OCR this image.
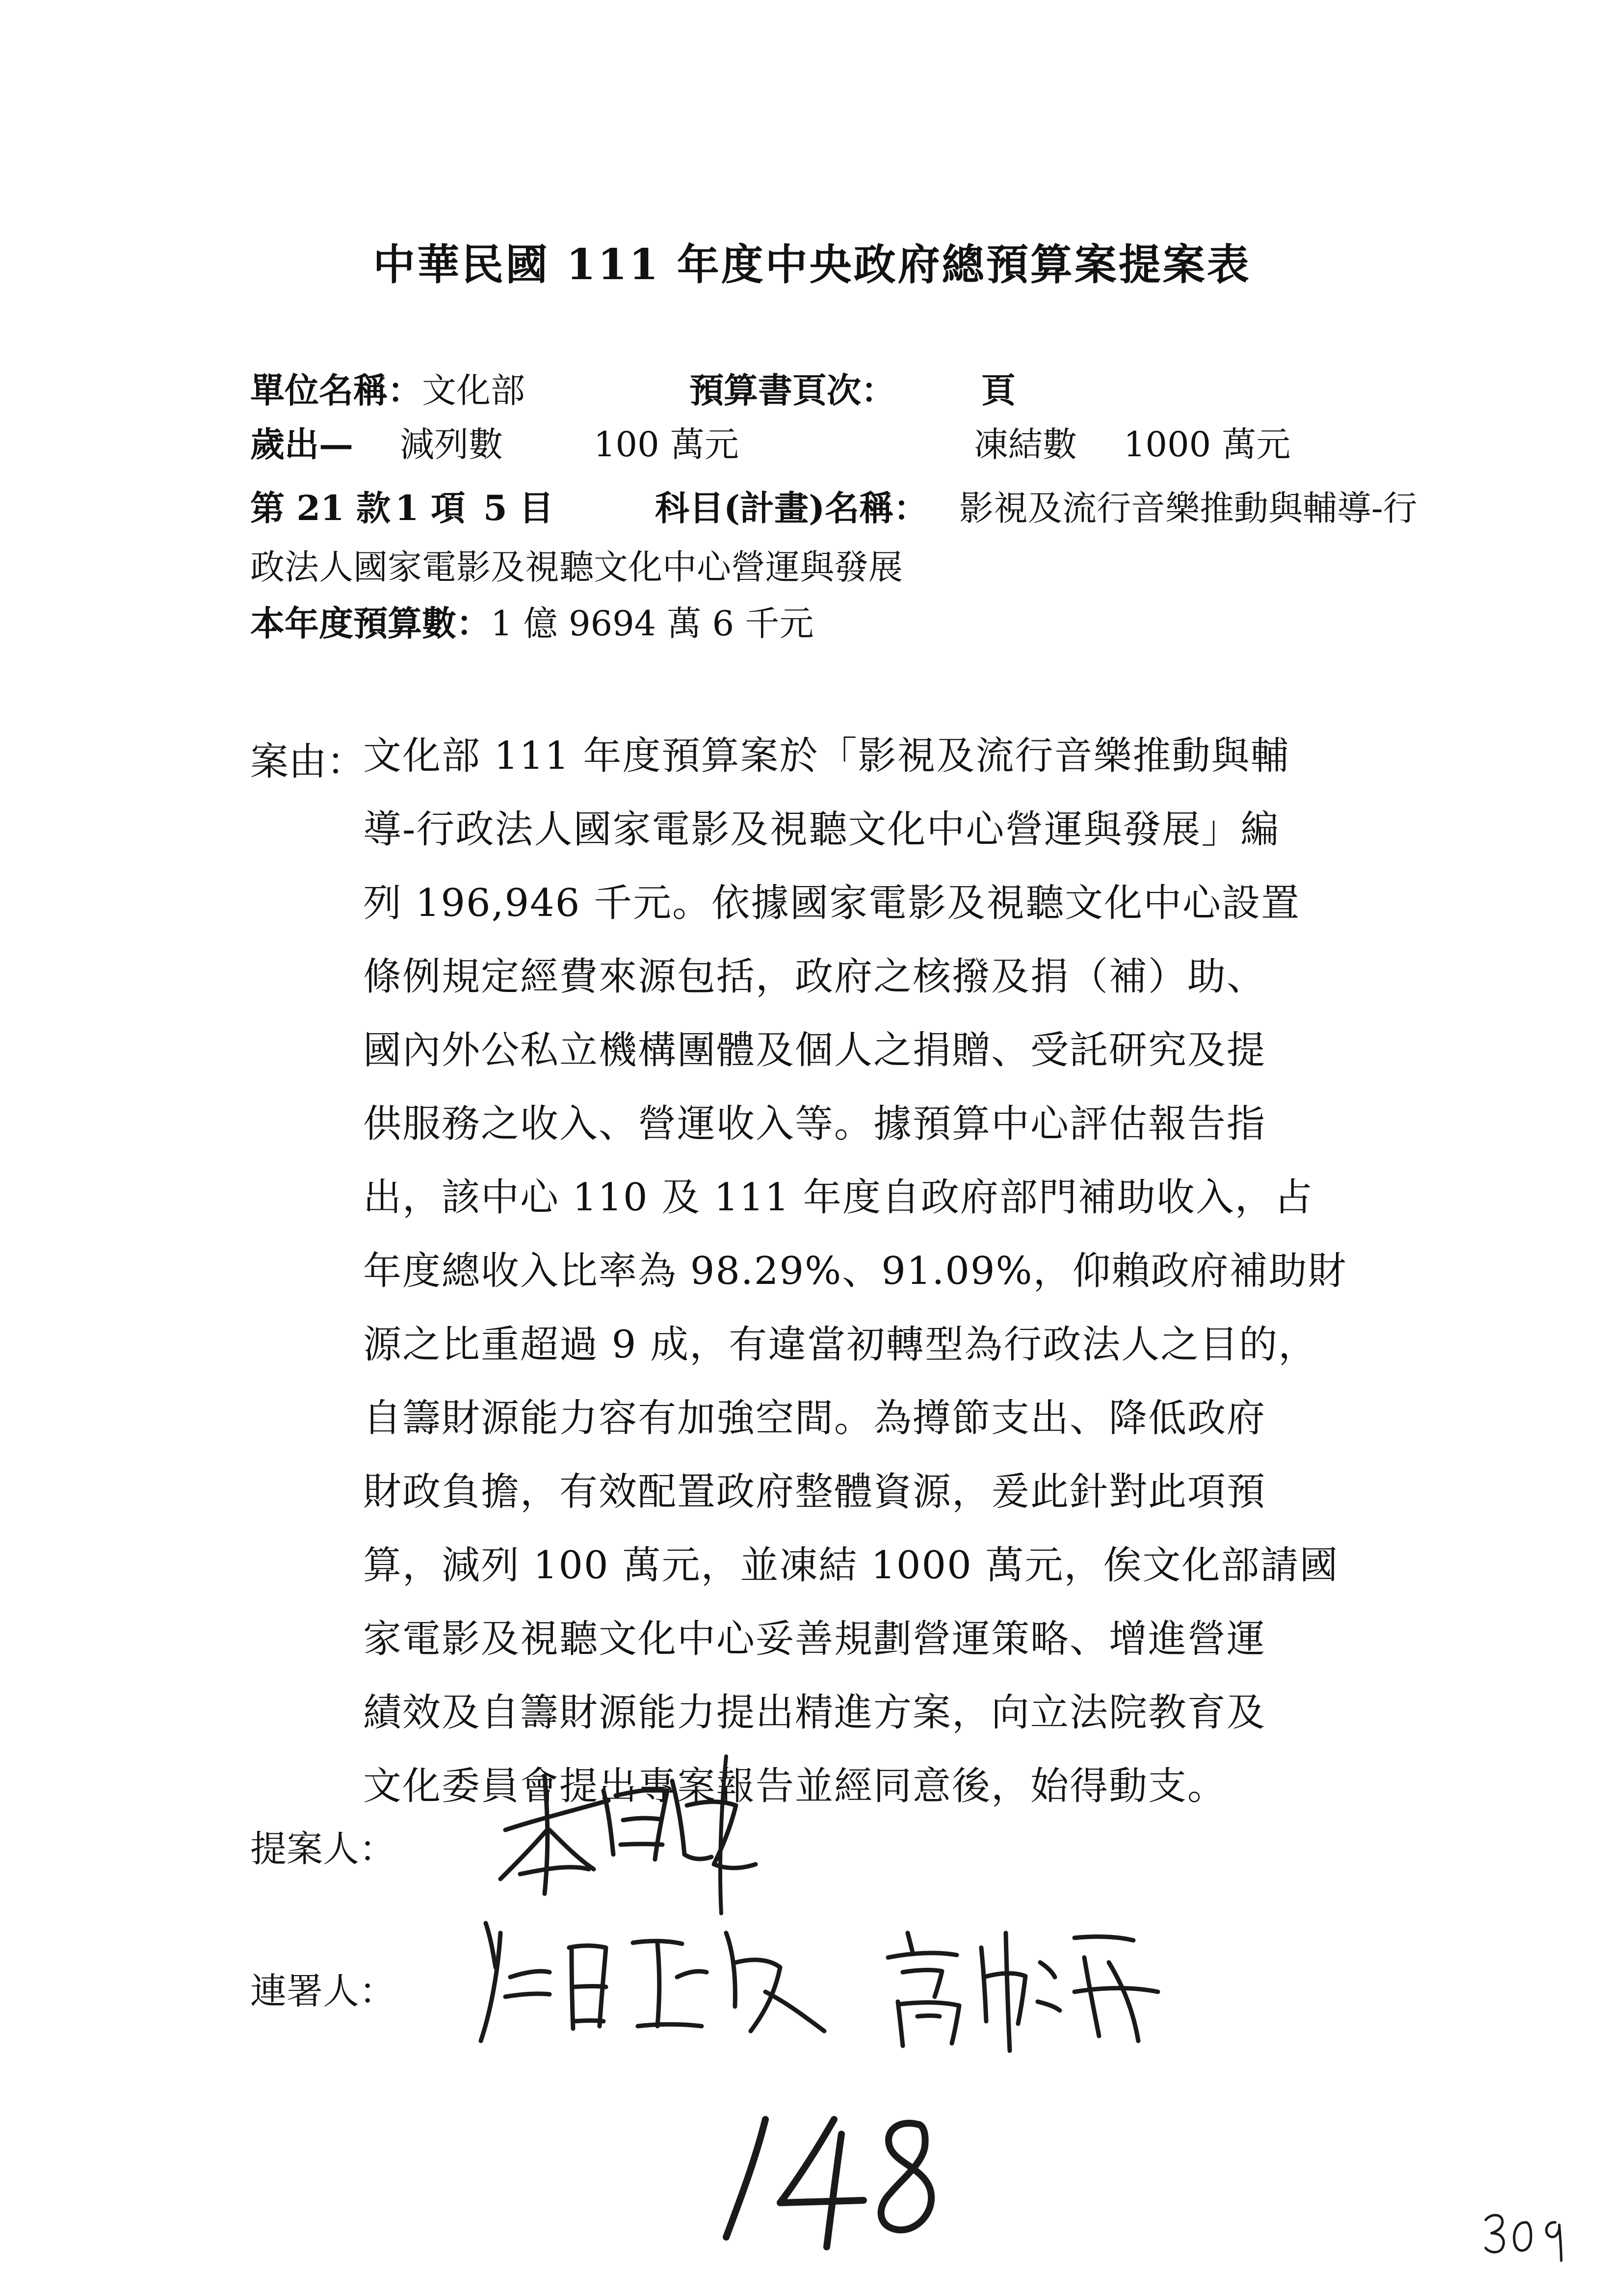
中華民國 111 年度中央政府總預算案提案表
單位名稱：文化部	預算書頁次：	頁
歲出— 減列數	100 萬元	凍結數 1000 萬元
第 21 款 1 項 5 目	科目(計畫)名稱： 影視及流行音樂推動與輔導-行
政法人國家電影及視聽文化中心營運與發展
本年度預算數：1 億 9694 萬 6 千元
案由：
文化部 111 年度預算案於「影視及流行音樂推動與輔
導-行政法人國家電影及視聽文化中心營運與發展」編
列 196,946 千元。依據國家電影及視聽文化中心設置
條例規定經費來源包括，政府之核撥及捐（補）助、
國內外公私立機構團體及個人之捐贈、受託研究及提
供服務之收入、營運收入等。據預算中心評估報告指
出，該中心 110 及 111 年度自政府部門補助收入，占
年度總收入比率為 98.29%、91.09%，仰賴政府補助財
源之比重超過 9 成，有違當初轉型為行政法人之目的，
自籌財源能力容有加強空間。為撙節支出、降低政府
財政負擔，有效配置政府整體資源，爰此針對此項預
算，減列 100 萬元，並凍結 1000 萬元，俟文化部請國
家電影及視聽文化中心妥善規劃營運策略、增進營運
績效及自籌財源能力提出精進方案，向立法院教育及
文化委員會提出專案報告並經同意後，始得動支。
提案人：
連署人：
